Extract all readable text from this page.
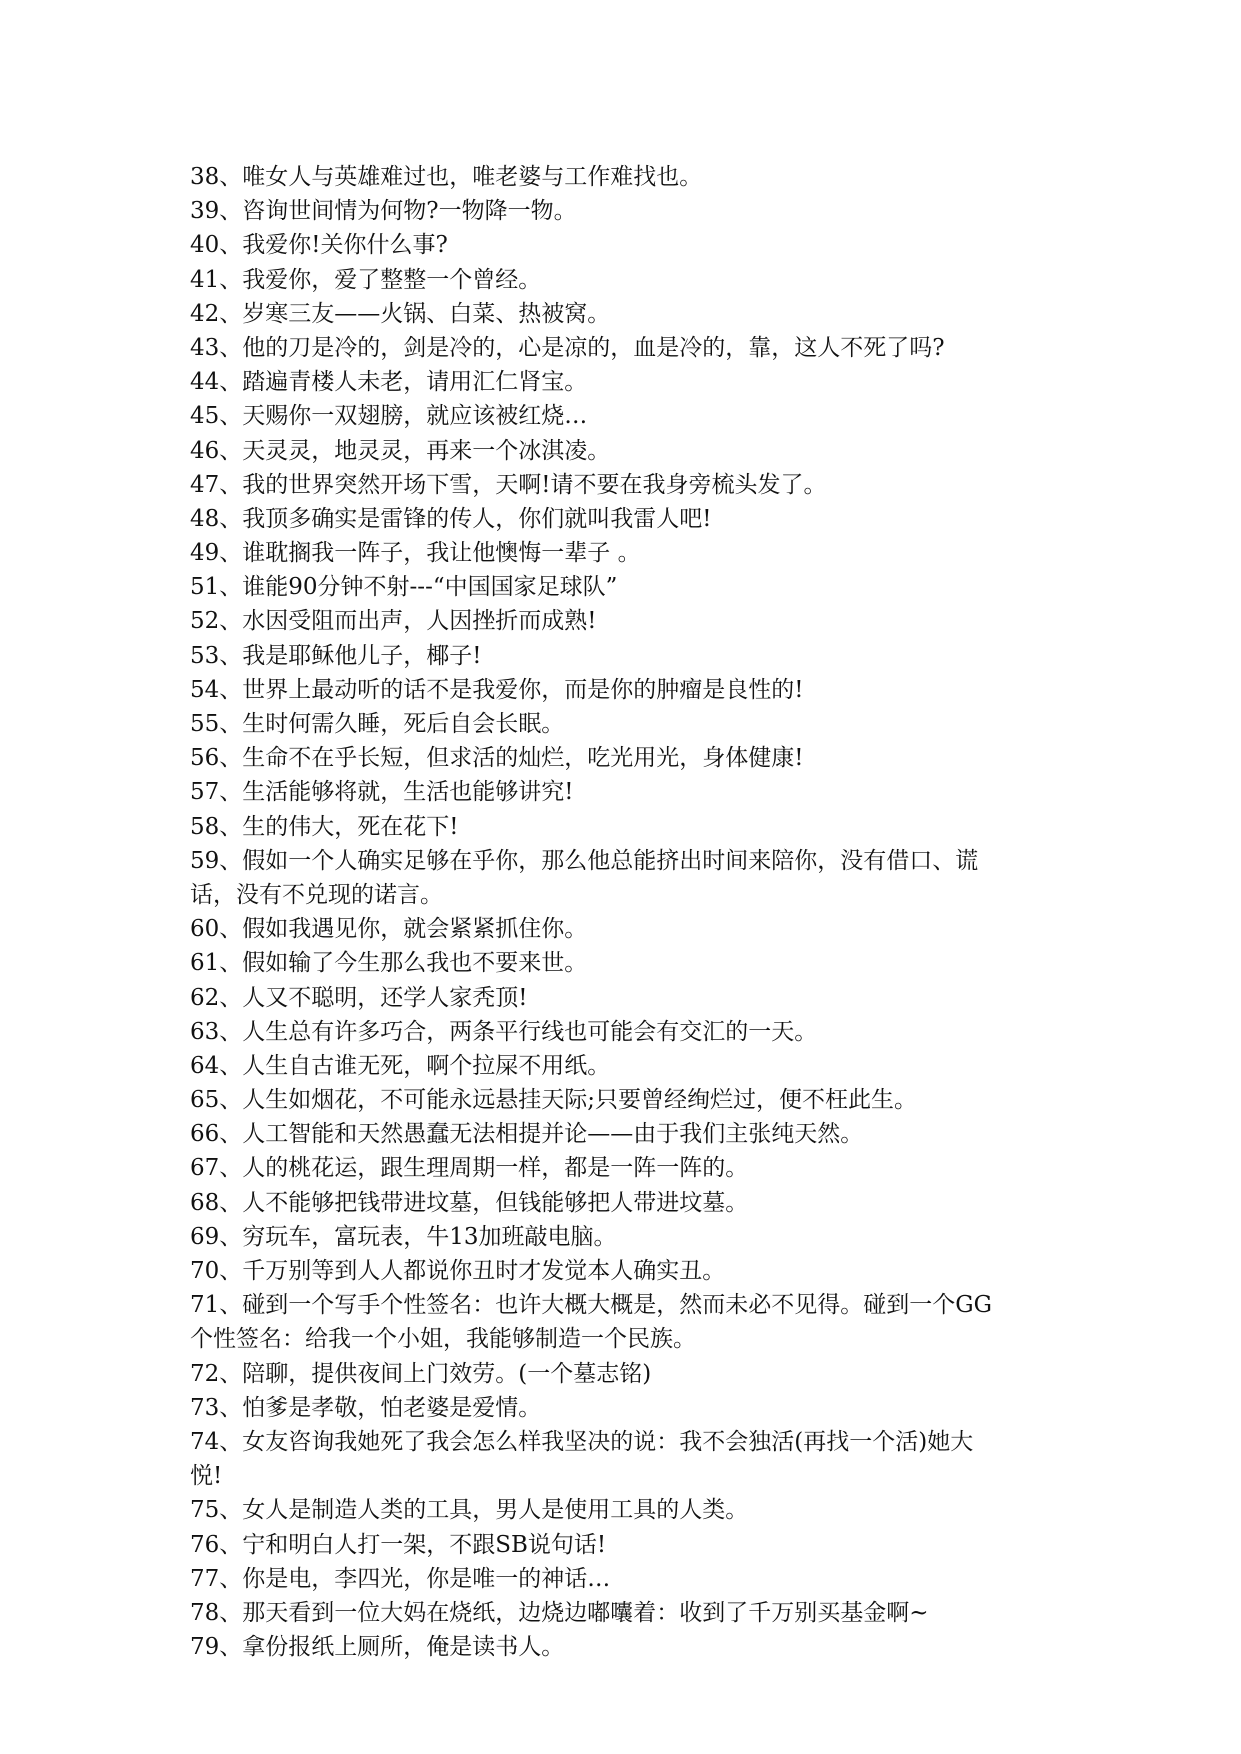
38、唯女人与英雄难过也，唯老婆与工作难找也。

39、咨询世间情为何物?一物降一物。

40、我爱你!关你什么事?

41、我爱你，爱了整整一个曾经。

42、岁寒三友——火锅、白菜、热被窝。

43、他的刀是冷的，剑是冷的，心是凉的，血是冷的，靠，这人不死了吗?

44、踏遍青楼人未老，请用汇仁肾宝。

45、天赐你一双翅膀，就应该被红烧…

46、天灵灵，地灵灵，再来一个冰淇凌。

47、我的世界突然开场下雪，天啊!请不要在我身旁梳头发了。

48、我顶多确实是雷锋的传人，你们就叫我雷人吧!

49、谁耽搁我一阵子，我让他懊悔一辈子 。

51、谁能90分钟不射---“中国国家足球队”

52、水因受阻而出声，人因挫折而成熟!

53、我是耶稣他儿子，椰子!

54、世界上最动听的话不是我爱你，而是你的肿瘤是良性的!

55、生时何需久睡，死后自会长眠。

56、生命不在乎长短，但求活的灿烂，吃光用光，身体健康!

57、生活能够将就，生活也能够讲究!

58、生的伟大，死在花下!

59、假如一个人确实足够在乎你，那么他总能挤出时间来陪你，没有借口、谎

话，没有不兑现的诺言。

60、假如我遇见你，就会紧紧抓住你。

61、假如输了今生那么我也不要来世。

62、人又不聪明，还学人家秃顶!

63、人生总有许多巧合，两条平行线也可能会有交汇的一天。

64、人生自古谁无死，啊个拉屎不用纸。

65、人生如烟花，不可能永远悬挂天际;只要曾经绚烂过，便不枉此生。

66、人工智能和天然愚蠢无法相提并论——由于我们主张纯天然。

67、人的桃花运，跟生理周期一样，都是一阵一阵的。

68、人不能够把钱带进坟墓，但钱能够把人带进坟墓。

69、穷玩车，富玩表，牛13加班敲电脑。

70、千万别等到人人都说你丑时才发觉本人确实丑。

71、碰到一个写手个性签名：也许大概大概是，然而未必不见得。碰到一个GG

个性签名：给我一个小姐，我能够制造一个民族。

72、陪聊，提供夜间上门效劳。(一个墓志铭)

73、怕爹是孝敬，怕老婆是爱情。

74、女友咨询我她死了我会怎么样我坚决的说：我不会独活(再找一个活)她大

悦!

75、女人是制造人类的工具，男人是使用工具的人类。

76、宁和明白人打一架，不跟SB说句话!

77、你是电，李四光，你是唯一的神话…

78、那天看到一位大妈在烧纸，边烧边嘟囔着：收到了千万别买基金啊~

79、拿份报纸上厕所，俺是读书人。
